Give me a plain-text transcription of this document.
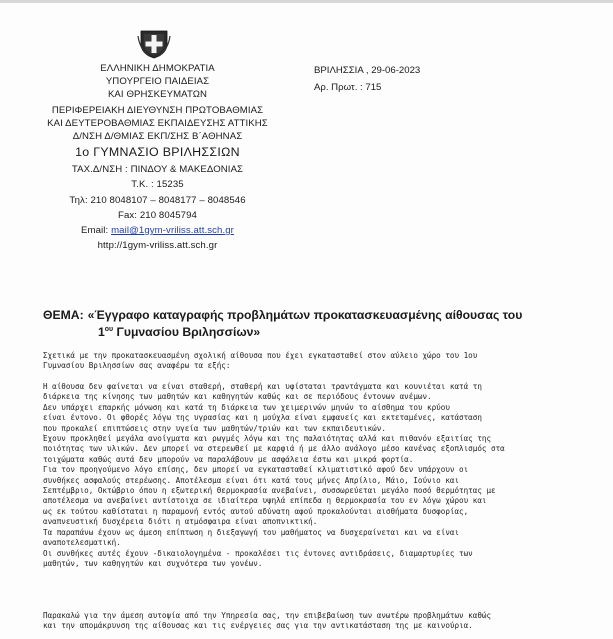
ΕΛΛΗΝΙΚΗ ΔΗΜΟΚΡΑΤΙΑ

ΥΠΟΥΡΓΕΙΟ ΠΑΙΔΕΙΑΣ

ΚΑΙ ΘΡΗΣΚΕΥΜΑΤΩΝ

ΠΕΡΙΦΕΡΕΙΑΚΗ ΔΙΕΥΘΥΝΣΗ ΠΡΩΤΟΒΑΘΜΙΑΣ

ΚΑΙ ΔΕΥΤΕΡΟΒΑΘΜΙΑΣ ΕΚΠΑΙΔΕΥΣΗΣ ΑΤΤΙΚΗΣ

Δ/ΝΣΗ Δ/ΘΜΙΑΣ ΕΚΠ/ΣΗΣ Β΄ΑΘΗΝΑΣ

1ο ΓΥΜΝΑΣΙΟ ΒΡΙΛΗΣΣΙΩΝ

ΤΑΧ.Δ/ΝΣΗ : ΠΙΝΔΟΥ & ΜΑΚΕΔΟΝΙΑΣ

Τ.Κ. : 15235

Τηλ: 210 8048107 – 8048177 – 8048546

Fax: 210 8045794

Email: mail@1gym-vriliss.att.sch.gr

http://1gym-vriliss.att.sch.gr

ΒΡΙΛΗΣΣΙΑ , 29-06-2023

Αρ. Πρωτ. : 715

ΘΕΜΑ: «Έγγραφο καταγραφής προβλημάτων προκατασκευασμένης αίθουσας του

$1^{o\upsilon}$ Γυμνασίου Βριλησσίων»

Σχετικά με την προκατασκευασμένη σχολική αίθουσα που έχει εγκατασταθεί στον αύλειο χώρο του 1ου

Γυμνασίου Βριλησσίων σας αναφέρω τα εξής:

Η αίθουσα δεν φαίνεται να είναι σταθερή, σταθερή και υφίσταται τραντάγματα και κουνιέται κατά τη

διάρκεια της κίνησης των μαθητών και καθηγητών καθώς και σε περιόδους έντονων ανέμων.

Δεν υπάρχει επαρκής μόνωση και κατά τη διάρκεια των χειμερινών μηνών το αίσθημα του κρύου

είναι έντονο. Οι φθορές λόγω της υγρασίας και η μούχλα είναι εμφανείς και εκτεταμένες, κατάσταση

που προκαλεί επιπτώσεις στην υγεία των μαθητών/τριών και των εκπαιδευτικών.

Έχουν προκληθεί μεγάλα ανοίγματα και ρωγμές λόγω και της παλαιότητας αλλά και πιθανόν εξαιτίας της

ποιότητας των υλικών. Δεν μπορεί να στερεωθεί με καρφιά ή με άλλο ανάλογο μέσο κανένας εξοπλισμός στα

τοιχώματα καθώς αυτά δεν μπορούν να παραλάβουν με ασφάλεια έστω και μικρά φορτία.

Για τον προηγούμενο λόγο επίσης, δεν μπορεί να εγκατασταθεί κλιματιστικό αφού δεν υπάρχουν οι

συνθήκες ασφαλούς στερέωσης. Αποτέλεσμα είναι ότι κατά τους μήνες Απρίλιο, Μάιο, Ιούνιο και

Σεπτέμβριο, Οκτώβριο όπου η εξωτερική θερμοκρασία ανεβαίνει, συσσωρεύεται μεγάλο ποσό θερμότητας με

αποτέλεσμα να ανεβαίνει αντίστοιχα σε ιδιαίτερα υψηλά επίπεδα η θερμοκρασία του εν λόγω χώρου και

ως εκ τούτου καθίσταται η παραμονή εντός αυτού αδύνατη αφού προκαλούνται αισθήματα δυσφορίας,

αναπνευστική δυσχέρεια διότι η ατμόσφαιρα είναι αποπνικτική.

Τα παραπάνω έχουν ως άμεση επίπτωση η διεξαγωγή του μαθήματος να δυσχεραίνεται και να είναι

αναποτελεσματική.

Οι συνθήκες αυτές έχουν -δικαιολογημένα - προκαλέσει τις έντονες αντιδράσεις, διαμαρτυρίες των

μαθητών, των καθηγητών και συχνότερα των γονέων.

Παρακαλώ για την άμεση αυτοψία από την Υπηρεσία σας, την επιβεβαίωση των ανωτέρω προβλημάτων καθώς

και την απομάκρυνση της αίθουσας και τις ενέργειες σας για την αντικατάσταση της με καινούρια.
